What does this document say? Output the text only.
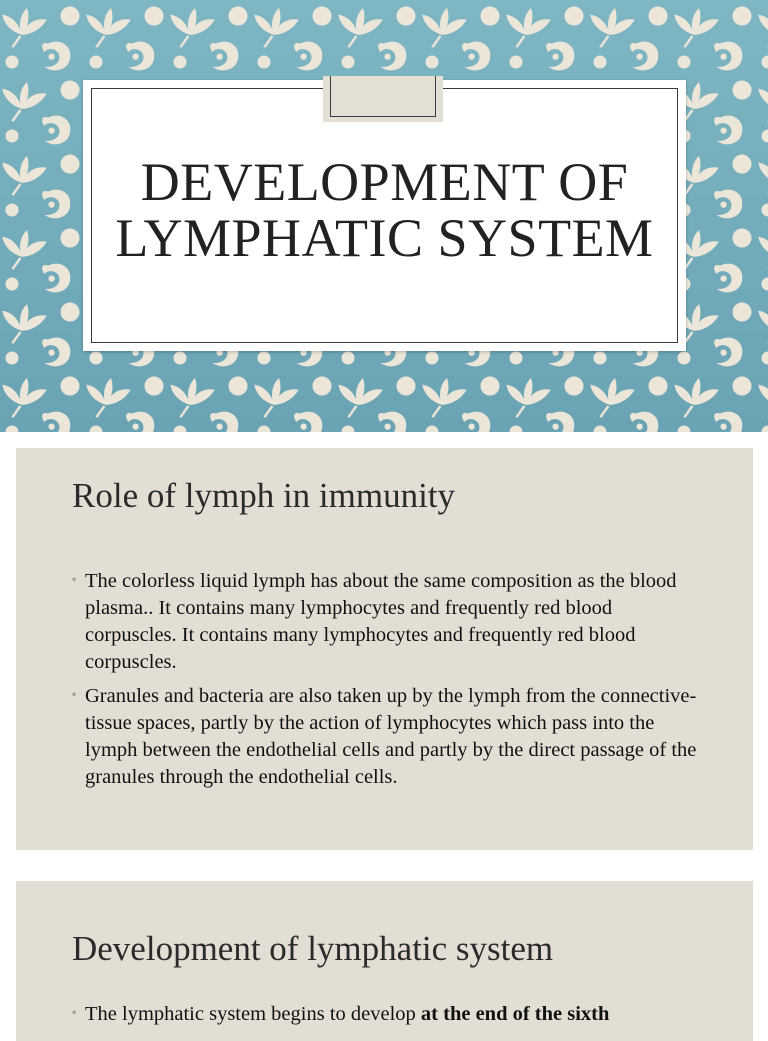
DEVELOPMENT OF
LYMPHATIC SYSTEM
Role of lymph in immunity
◦ The colorless liquid lymph has about the same composition as the blood plasma.. It contains many lymphocytes and frequently red blood corpuscles. It contains many lymphocytes and frequently red blood corpuscles.
◦ Granules and bacteria are also taken up by the lymph from the connective-tissue spaces, partly by the action of lymphocytes which pass into the lymph between the endothelial cells and partly by the direct passage of the granules through the endothelial cells.
Development of lymphatic system
◦ The lymphatic system begins to develop at the end of the sixth
